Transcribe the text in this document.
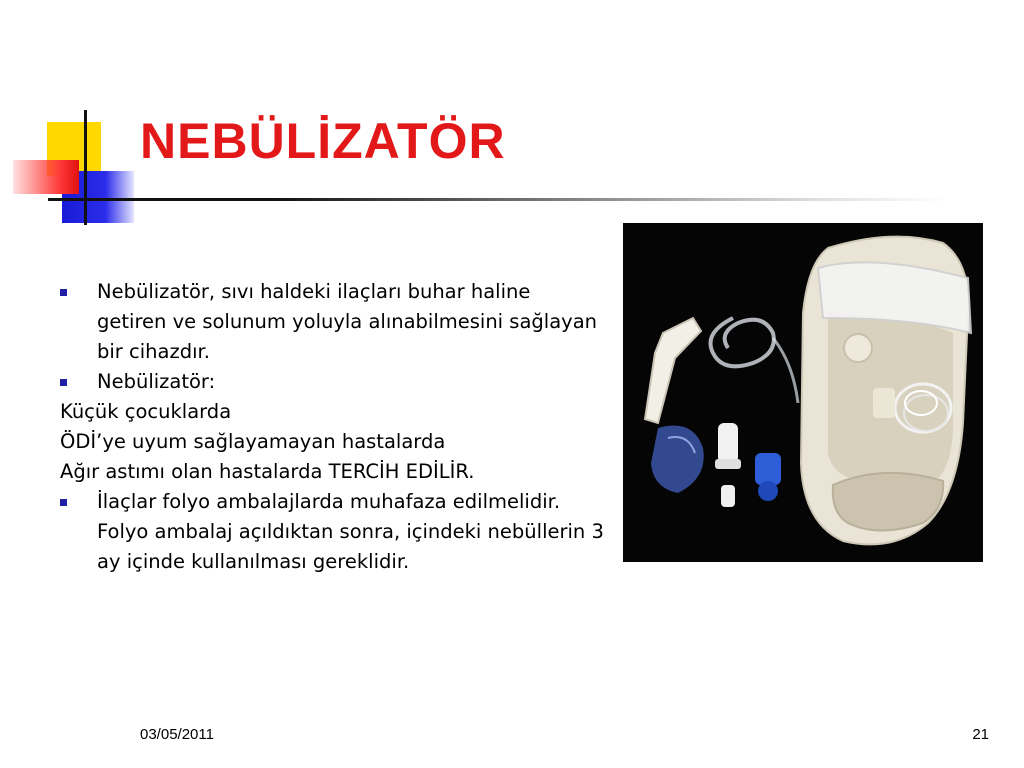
NEBÜLİZATÖR
Nebülizatör, sıvı haldeki ilaçları buhar haline getiren ve solunum yoluyla alınabilmesini sağlayan bir cihazdır.
Nebülizatör:
Küçük çocuklarda
ÖDİ’ye uyum sağlayamayan hastalarda
Ağır astımı olan hastalarda TERCİH EDİLİR.
İlaçlar folyo ambalajlarda muhafaza edilmelidir. Folyo ambalaj açıldıktan sonra, içindeki nebüllerin 3 ay içinde kullanılması gereklidir.
03/05/2011	21
